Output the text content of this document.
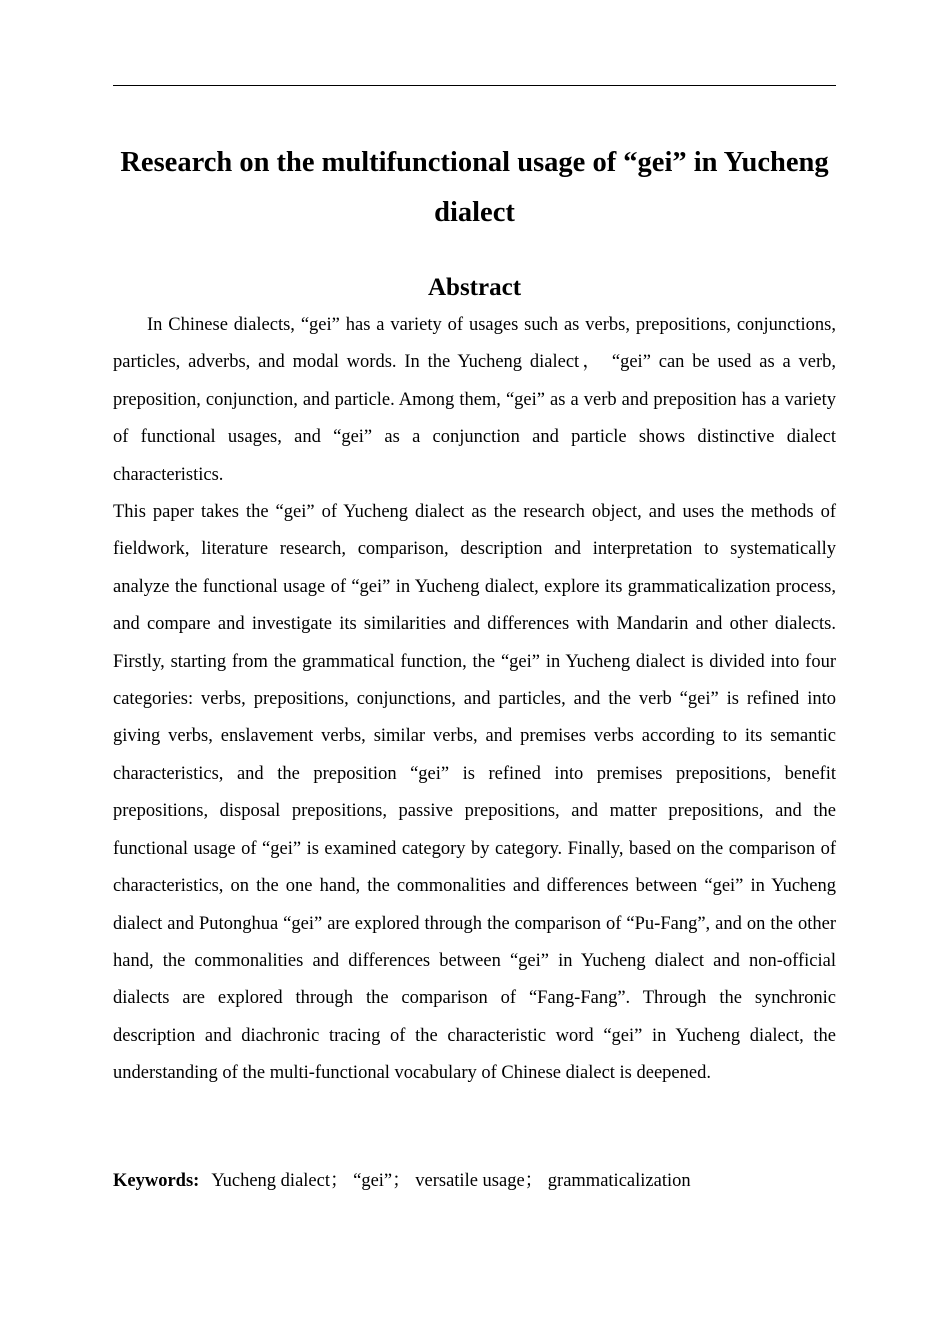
Research on the multifunctional usage of “gei” in Yucheng dialect
Abstract

In Chinese dialects, “gei” has a variety of usages such as verbs, prepositions, conjunctions, particles, adverbs, and modal words. In the Yucheng dialect， “gei” can be used as a verb, preposition, conjunction, and particle. Among them, “gei” as a verb and preposition has a variety of functional usages, and “gei” as a conjunction and particle shows distinctive dialect characteristics.

This paper takes the “gei” of Yucheng dialect as the research object, and uses the methods of fieldwork, literature research, comparison, description and interpretation to systematically analyze the functional usage of “gei” in Yucheng dialect, explore its grammaticalization process, and compare and investigate its similarities and differences with Mandarin and other dialects. Firstly, starting from the grammatical function, the “gei” in Yucheng dialect is divided into four categories: verbs, prepositions, conjunctions, and particles, and the verb “gei” is refined into giving verbs, enslavement verbs, similar verbs, and premises verbs according to its semantic characteristics, and the preposition “gei” is refined into premises prepositions, benefit prepositions, disposal prepositions, passive prepositions, and matter prepositions, and the functional usage of “gei” is examined category by category. Finally, based on the comparison of characteristics, on the one hand, the commonalities and differences between “gei” in Yucheng dialect and Putonghua “gei” are explored through the comparison of “Pu-Fang”, and on the other hand, the commonalities and differences between “gei” in Yucheng dialect and non-official dialects are explored through the comparison of “Fang-Fang”. Through the synchronic description and diachronic tracing of the characteristic word “gei” in Yucheng dialect, the understanding of the multi-functional vocabulary of Chinese dialect is deepened.

Keywords: Yucheng dialect； “gei”； versatile usage； grammaticalization
